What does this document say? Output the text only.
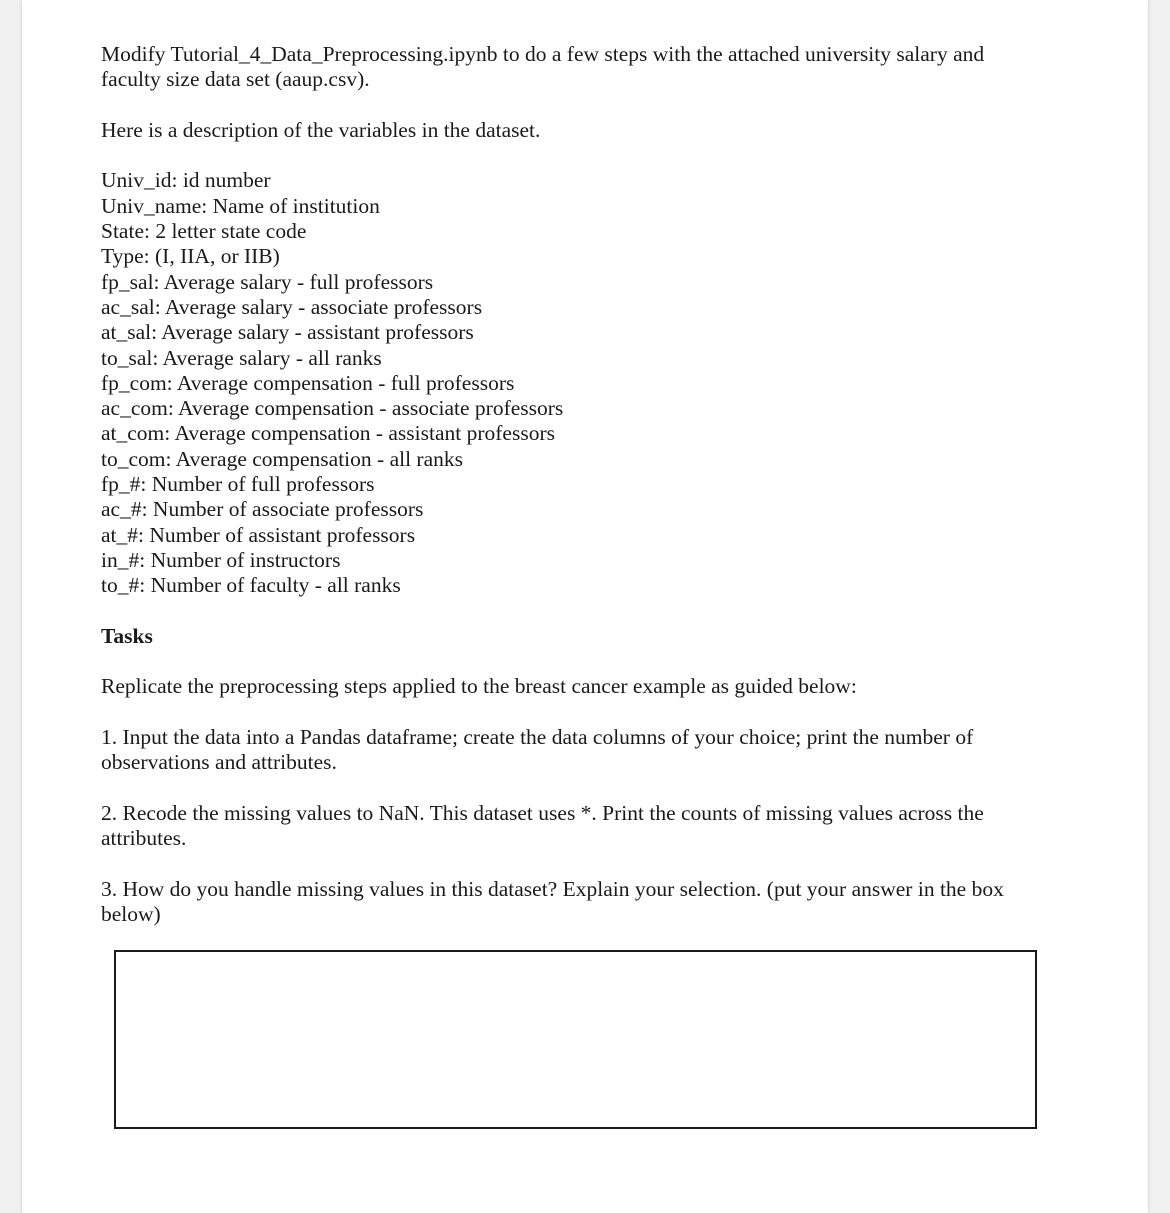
Modify Tutorial_4_Data_Preprocessing.ipynb to do a few steps with the attached university salary and

faculty size data set (aaup.csv).

Here is a description of the variables in the dataset.

Univ_id: id number
Univ_name: Name of institution
State: 2 letter state code
Type: (I, IIA, or IIB)
fp_sal: Average salary - full professors
ac_sal: Average salary - associate professors
at_sal: Average salary - assistant professors
to_sal: Average salary - all ranks
fp_com: Average compensation - full professors
ac_com: Average compensation - associate professors
at_com: Average compensation - assistant professors
to_com: Average compensation - all ranks
fp_#: Number of full professors
ac_#: Number of associate professors
at_#: Number of assistant professors
in_#: Number of instructors
to_#: Number of faculty - all ranks

Tasks

Replicate the preprocessing steps applied to the breast cancer example as guided below:

1. Input the data into a Pandas dataframe; create the data columns of your choice; print the number of

observations and attributes.

2. Recode the missing values to NaN. This dataset uses *. Print the counts of missing values across the

attributes.

3. How do you handle missing values in this dataset? Explain your selection. (put your answer in the box

below)
